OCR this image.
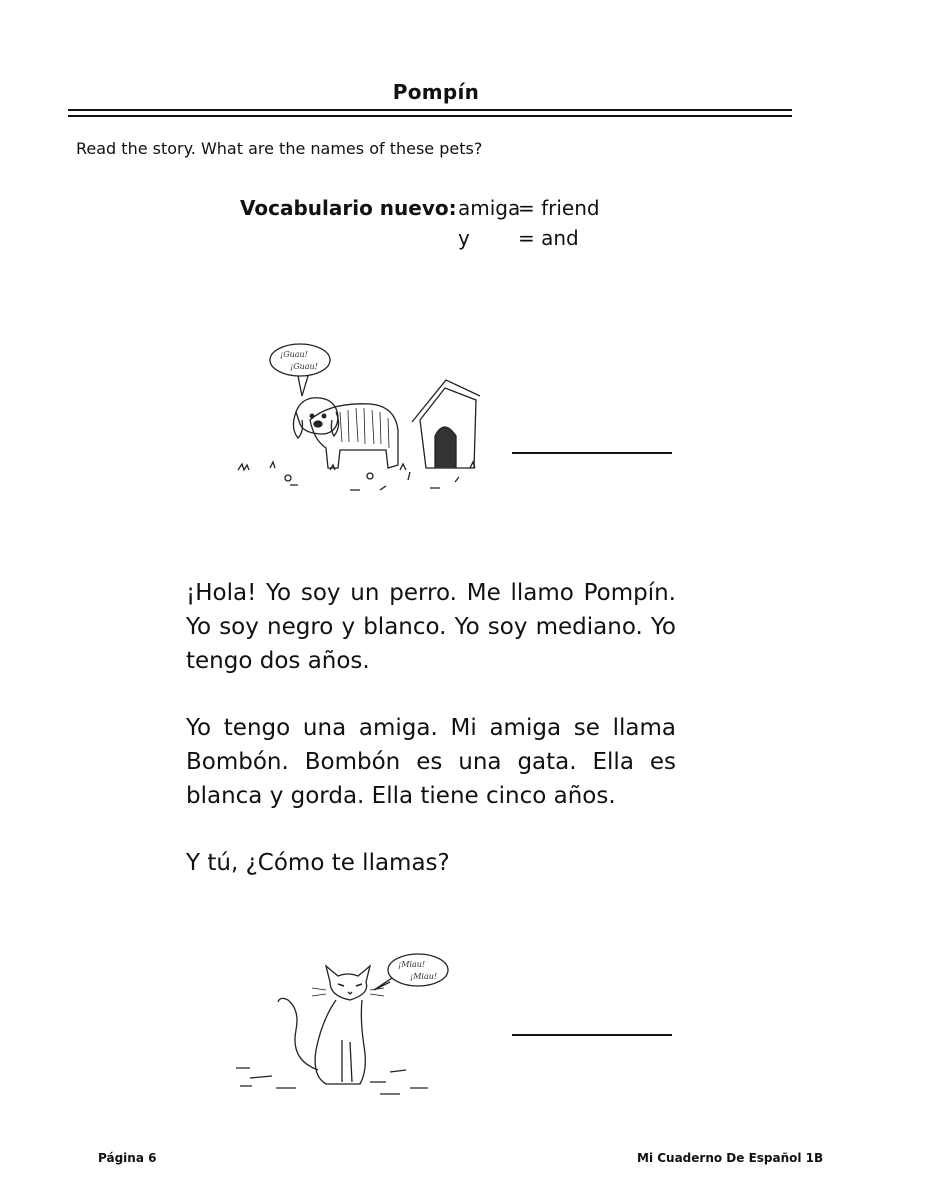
Pompín
Read the story. What are the names of these pets?
Vocabulario nuevo: amiga= friend
y = and
¡Guau!
¡Guau!
¡Hola! Yo soy un perro. Me llamo Pompín. Yo soy negro y blanco. Yo soy mediano. Yo tengo dos años.
Yo tengo una amiga. Mi amiga se llama Bombón. Bombón es una gata. Ella es blanca y gorda. Ella tiene cinco años.
Y tú, ¿Cómo te llamas?
¡Miau!
¡Miau!
Página 6	Mi Cuaderno De Español 1B
